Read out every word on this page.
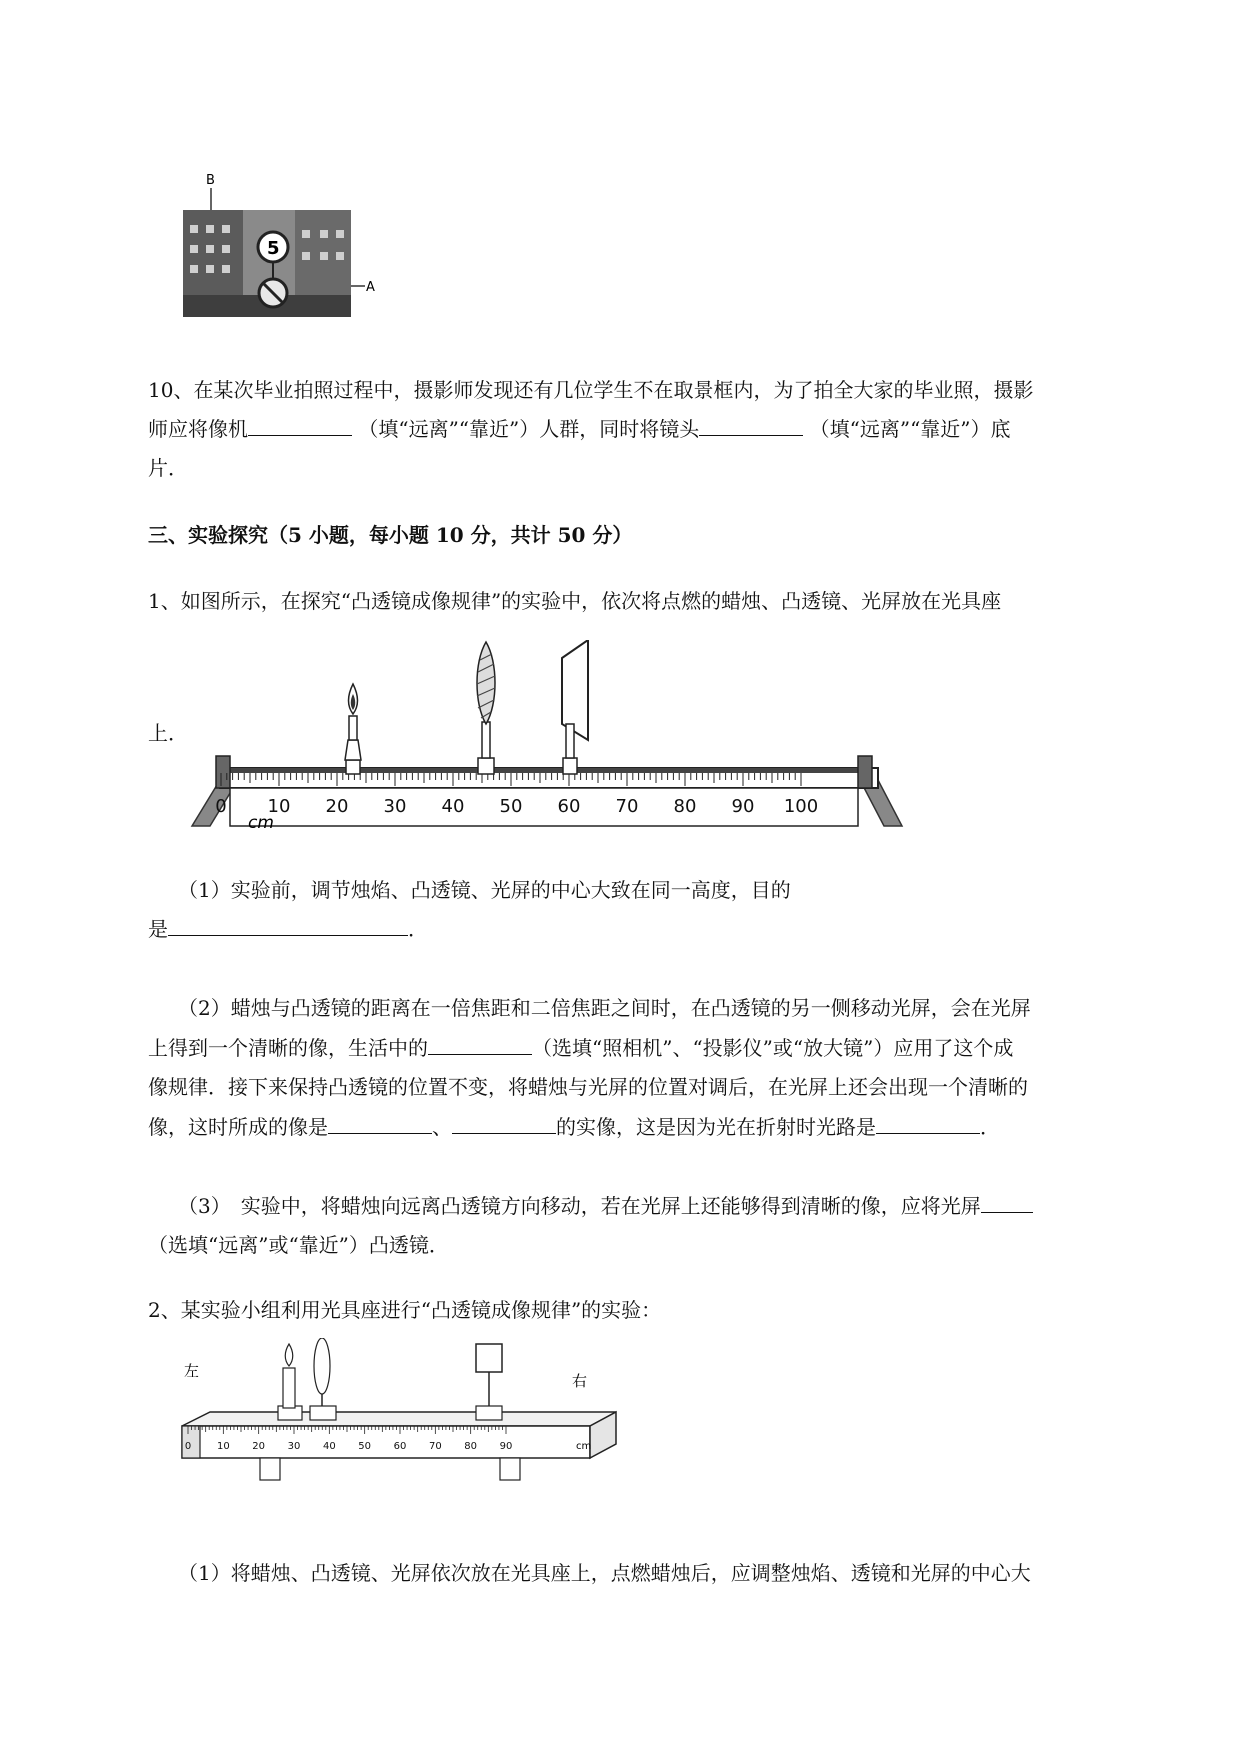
B
5
A
10、在某次毕业拍照过程中，摄影师发现还有几位学生不在取景框内，为了拍全大家的毕业照，摄影
师应将像机	（填“远离”“靠近”）人群，同时将镜头	（填“远离”“靠近”）底
片．
三、实验探究（5 小题，每小题 10 分，共计 50 分）
1、如图所示，在探究“凸透镜成像规律”的实验中，依次将点燃的蜡烛、凸透镜、光屏放在光具座
上．
0 10 20 30 40 50 60 70 80 90 100
cm
（1）实验前，调节烛焰、凸透镜、光屏的中心大致在同一高度，目的
是	．
（2）蜡烛与凸透镜的距离在一倍焦距和二倍焦距之间时，在凸透镜的另一侧移动光屏，会在光屏
上得到一个清晰的像，生活中的	（选填“照相机”、“投影仪”或“放大镜”）应用了这个成
像规律．接下来保持凸透镜的位置不变，将蜡烛与光屏的位置对调后，在光屏上还会出现一个清晰的
像，这时所成的像是	、	的实像，这是因为光在折射时光路是	．
（3）　实验中，将蜡烛向远离凸透镜方向移动，若在光屏上还能够得到清晰的像，应将光屏
（选填“远离”或“靠近”）凸透镜．
2、某实验小组利用光具座进行“凸透镜成像规律”的实验：
左
右
0	10 20 30 40 50 60 70 80 90	cm
（1）将蜡烛、凸透镜、光屏依次放在光具座上，点燃蜡烛后，应调整烛焰、透镜和光屏的中心大
